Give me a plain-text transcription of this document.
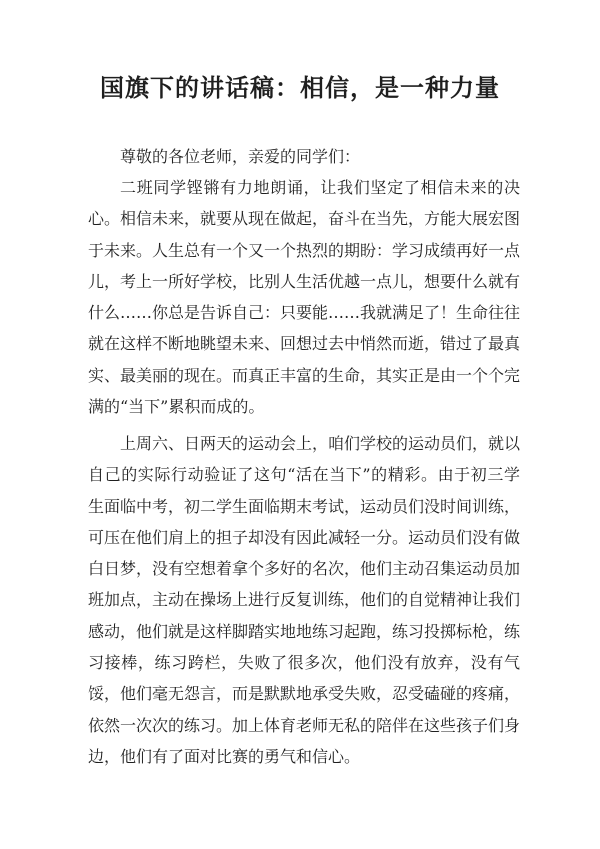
国旗下的讲话稿：相信，是一种力量

尊敬的各位老师，亲爱的同学们：

二班同学铿锵有力地朗诵，让我们坚定了相信未来的决心。相信未来，就要从现在做起，奋斗在当先，方能大展宏图于未来。人生总有一个又一个热烈的期盼：学习成绩再好一点儿，考上一所好学校，比别人生活优越一点儿，想要什么就有什么……你总是告诉自己：只要能……我就满足了！生命往往就在这样不断地眺望未来、回想过去中悄然而逝，错过了最真实、最美丽的现在。而真正丰富的生命，其实正是由一个个完满的“当下”累积而成的。

上周六、日两天的运动会上，咱们学校的运动员们，就以自己的实际行动验证了这句“活在当下”的精彩。由于初三学生面临中考，初二学生面临期末考试，运动员们没时间训练，可压在他们肩上的担子却没有因此减轻一分。运动员们没有做白日梦，没有空想着拿个多好的名次，他们主动召集运动员加班加点，主动在操场上进行反复训练，他们的自觉精神让我们感动，他们就是这样脚踏实地地练习起跑，练习投掷标枪，练习接棒，练习跨栏，失败了很多次，他们没有放弃，没有气馁，他们毫无怨言，而是默默地承受失败，忍受磕碰的疼痛，依然一次次的练习。加上体育老师无私的陪伴在这些孩子们身边，他们有了面对比赛的勇气和信心。
